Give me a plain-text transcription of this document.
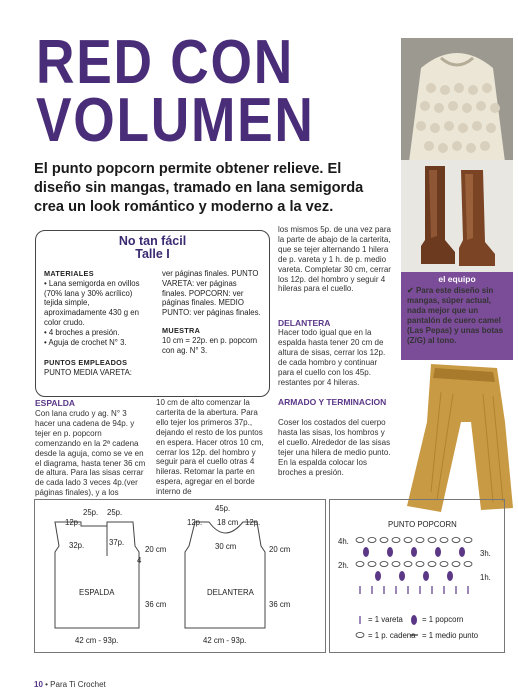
RED CON
VOLUMEN
El punto popcorn permite obtener relieve. El diseño sin mangas, tramado en lana semigorda crea un look romántico y moderno a la vez.
el equipo
✔ Para este diseño sin mangas, súper actual, nada mejor que un pantalón de cuero camel (Las Pepas) y unas botas (Z/G) al tono.
No tan fácil
Talle I
MATERIALES
• Lana semigorda en ovillos (70% lana y 30% acrílico) tejida simple, aproximadamente 430 g en color crudo.
• 4 broches a presión.
• Aguja de crochet N° 3.
PUNTOS EMPLEADOS
PUNTO MEDIA VARETA:
ver páginas finales. PUNTO VARETA: ver páginas finales. POPCORN: ver páginas finales. MEDIO PUNTO: ver páginas finales.
MUESTRA
10 cm = 22p. en p. popcorn con ag. N° 3.
ESPALDA
Con lana crudo y ag. N° 3 hacer una cadena de 94p. y tejer en p. popcorn comenzando en la 2ª cadena desde la aguja, como se ve en el diagrama, hasta tener 36 cm de altura. Para las sisas cerrar de cada lado 3 veces 4p.(ver páginas finales), y a los
10 cm de alto comenzar la carterita de la abertura. Para ello tejer los primeros 37p., dejando el resto de los puntos en espera. Hacer otros 10 cm, cerrar los 12p. del hombro y seguir para el cuello otras 4 hileras. Retomar la parte en espera, agregar en el borde interno de
los mismos 5p. de una vez para la parte de abajo de la carterita, que se tejer alternando 1 hilera de p. vareta y 1 h. de p. medio vareta. Completar 30 cm, cerrar los 12p. del hombro y seguir 4 hileras para el cuello.
DELANTERA
Hacer todo igual que en la espalda hasta tener 20 cm de altura de sisas, cerrar los 12p. de cada hombro y continuar para el cuello con los 45p. restantes por 4 hileras.
ARMADO Y TERMINACION
Coser los costados del cuerpo hasta las sisas, los hombros y el cuello. Alrededor de las sisas tejer una hilera de medio punto. En la espalda colocar los broches a presión.
25p. 25p.
12p.
32p.	37p.
4
20 cm
36 cm
ESPALDA
42 cm - 93p.
45p.
12p. 18 cm 12p.
30 cm	20 cm
36 cm
DELANTERA
42 cm - 93p.
PUNTO POPCORN
4h.
3h.
2h.
1h.
= 1 vareta = 1 popcorn
= 1 p. cadena = 1 medio punto
10 • Para Ti Crochet
